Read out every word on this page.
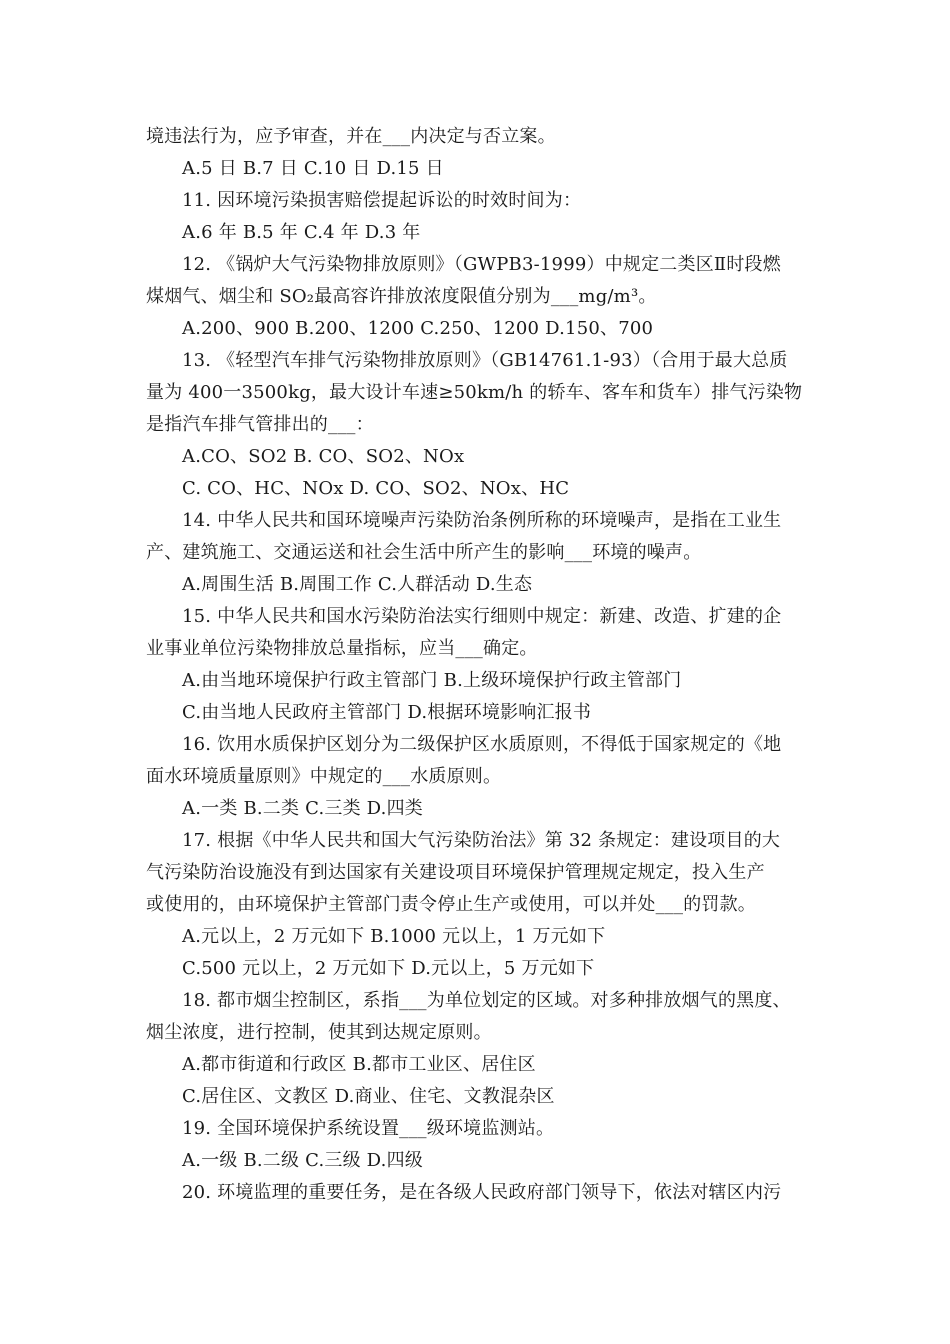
境违法行为，应予审查，并在___内决定与否立案。
A.5 日 B.7 日 C.10 日 D.15 日
11. 因环境污染损害赔偿提起诉讼的时效时间为：
A.6 年 B.5 年 C.4 年 D.3 年
12. 《锅炉大气污染物排放原则》（GWPB3-1999）中规定二类区Ⅱ时段燃
煤烟气、烟尘和 SO₂最高容许排放浓度限值分别为___mg/m³。
A.200、900 B.200、1200 C.250、1200 D.150、700
13. 《轻型汽车排气污染物排放原则》（GB14761.1-93）（合用于最大总质
量为 400一3500kg，最大设计车速≥50km/h 的轿车、客车和货车）排气污染物
是指汽车排气管排出的___：
A.CO、SO2 B. CO、SO2、NOx
C. CO、HC、NOx D. CO、SO2、NOx、HC
14. 中华人民共和国环境噪声污染防治条例所称的环境噪声，是指在工业生
产、建筑施工、交通运送和社会生活中所产生的影响___环境的噪声。
A.周围生活 B.周围工作 C.人群活动 D.生态
15. 中华人民共和国水污染防治法实行细则中规定：新建、改造、扩建的企
业事业单位污染物排放总量指标，应当___确定。
A.由当地环境保护行政主管部门 B.上级环境保护行政主管部门
C.由当地人民政府主管部门 D.根据环境影响汇报书
16. 饮用水质保护区划分为二级保护区水质原则，不得低于国家规定的《地
面水环境质量原则》中规定的___水质原则。
A.一类 B.二类 C.三类 D.四类
17. 根据《中华人民共和国大气污染防治法》第 32 条规定：建设项目的大
气污染防治设施没有到达国家有关建设项目环境保护管理规定规定，投入生产
或使用的，由环境保护主管部门责令停止生产或使用，可以并处___的罚款。
A.元以上，2 万元如下 B.1000 元以上，1 万元如下
C.500 元以上，2 万元如下 D.元以上，5 万元如下
18. 都市烟尘控制区，系指___为单位划定的区域。对多种排放烟气的黑度、
烟尘浓度，进行控制，使其到达规定原则。
A.都市街道和行政区 B.都市工业区、居住区
C.居住区、文教区 D.商业、住宅、文教混杂区
19. 全国环境保护系统设置___级环境监测站。
A.一级 B.二级 C.三级 D.四级
20. 环境监理的重要任务，是在各级人民政府部门领导下，依法对辖区内污
